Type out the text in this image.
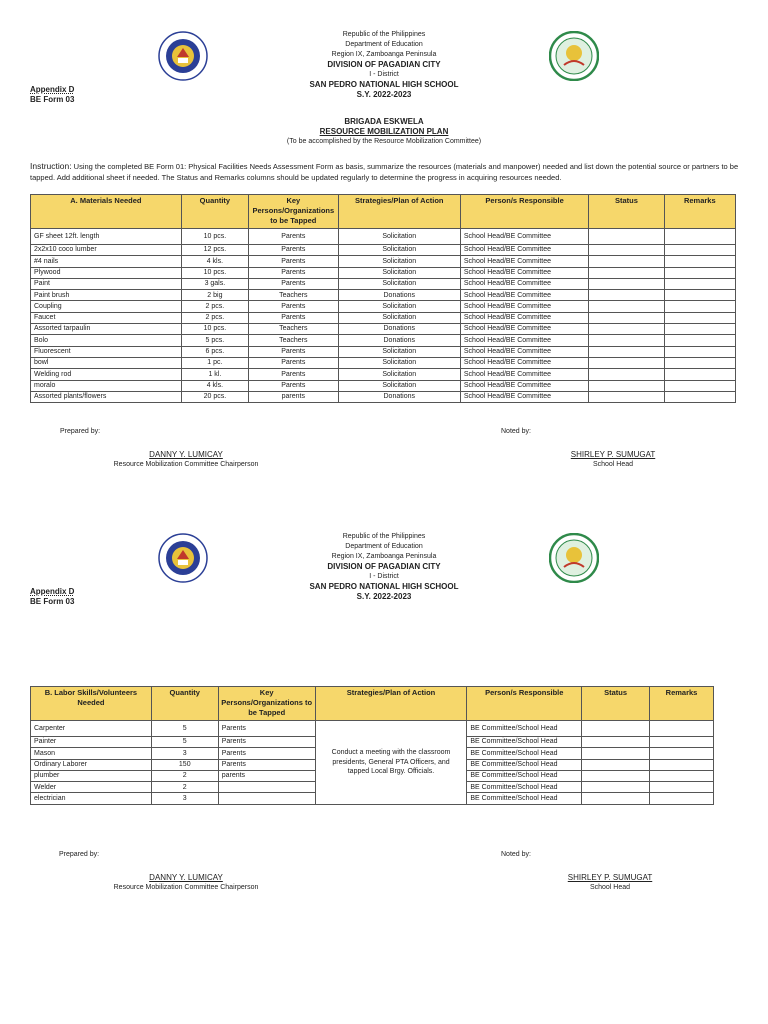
Republic of the Philippines
Department of Education
Region IX, Zamboanga Peninsula
DIVISION OF PAGADIAN CITY
I - District
SAN PEDRO NATIONAL HIGH SCHOOL
S.Y. 2022-2023
Appendix D
BE Form 03
BRIGADA ESKWELA
RESOURCE MOBILIZATION PLAN
(To be accomplished by the Resource Mobilization Committee)
Instruction: Using the completed BE Form 01: Physical Facilities Needs Assessment Form as basis, summarize the resources (materials and manpower) needed and list down the potential source or partners to be tapped. Add additional sheet if needed. The Status and Remarks columns should be updated regularly to determine the progress in acquiring resources needed.
A. Materials Needed	Quantity	Key Persons/Organizations to be Tapped	Strategies/Plan of Action	Person/s Responsible	Status	Remarks
GF sheet 12ft. length	10 pcs.	Parents	Solicitation	School Head/BE Committee		
2x2x10 coco lumber	12 pcs.	Parents	Solicitation	School Head/BE Committee		
#4 nails	4 kls.	Parents	Solicitation	School Head/BE Committee		
Plywood	10 pcs.	Parents	Solicitation	School Head/BE Committee		
Paint	3 gals.	Parents	Solicitation	School Head/BE Committee		
Paint brush	2 big	Teachers	Donations	School Head/BE Committee		
Coupling	2 pcs.	Parents	Solicitation	School Head/BE Committee		
Faucet	2 pcs.	Parents	Solicitation	School Head/BE Committee		
Assorted tarpaulin	10 pcs.	Teachers	Donations	School Head/BE Committee		
Bolo	5 pcs.	Teachers	Donations	School Head/BE Committee		
Fluorescent	6 pcs.	Parents	Solicitation	School Head/BE Committee		
bowl	1 pc.	Parents	Solicitation	School Head/BE Committee		
Welding rod	1 kl.	Parents	Solicitation	School Head/BE Committee		
moralo	4 kls.	Parents	Solicitation	School Head/BE Committee		
Assorted plants/flowers	20 pcs.	parents	Donations	School Head/BE Committee		
Prepared by:	Noted by:
DANNY Y. LUMICAY
Resource Mobilization Committee Chairperson
SHIRLEY P. SUMUGAT
School Head
Republic of the Philippines
Department of Education
Region IX, Zamboanga Peninsula
DIVISION OF PAGADIAN CITY
I - District
SAN PEDRO NATIONAL HIGH SCHOOL
S.Y. 2022-2023
Appendix D
BE Form 03
B. Labor Skills/Volunteers Needed	Quantity	Key Persons/Organizations to be Tapped	Strategies/Plan of Action	Person/s Responsible	Status	Remarks
Carpenter	5	Parents	Conduct a meeting with the classroom presidents, General PTA Officers, and tapped Local Brgy. Officials.	BE Committee/School Head		
Painter	5	Parents		BE Committee/School Head		
Mason	3	Parents		BE Committee/School Head		
Ordinary Laborer	150	Parents		BE Committee/School Head		
plumber	2	parents		BE Committee/School Head		
Welder	2			BE Committee/School Head		
electrician	3			BE Committee/School Head		
Prepared by:	Noted by:
DANNY Y. LUMICAY
Resource Mobilization Committee Chairperson
SHIRLEY P. SUMUGAT
School Head
